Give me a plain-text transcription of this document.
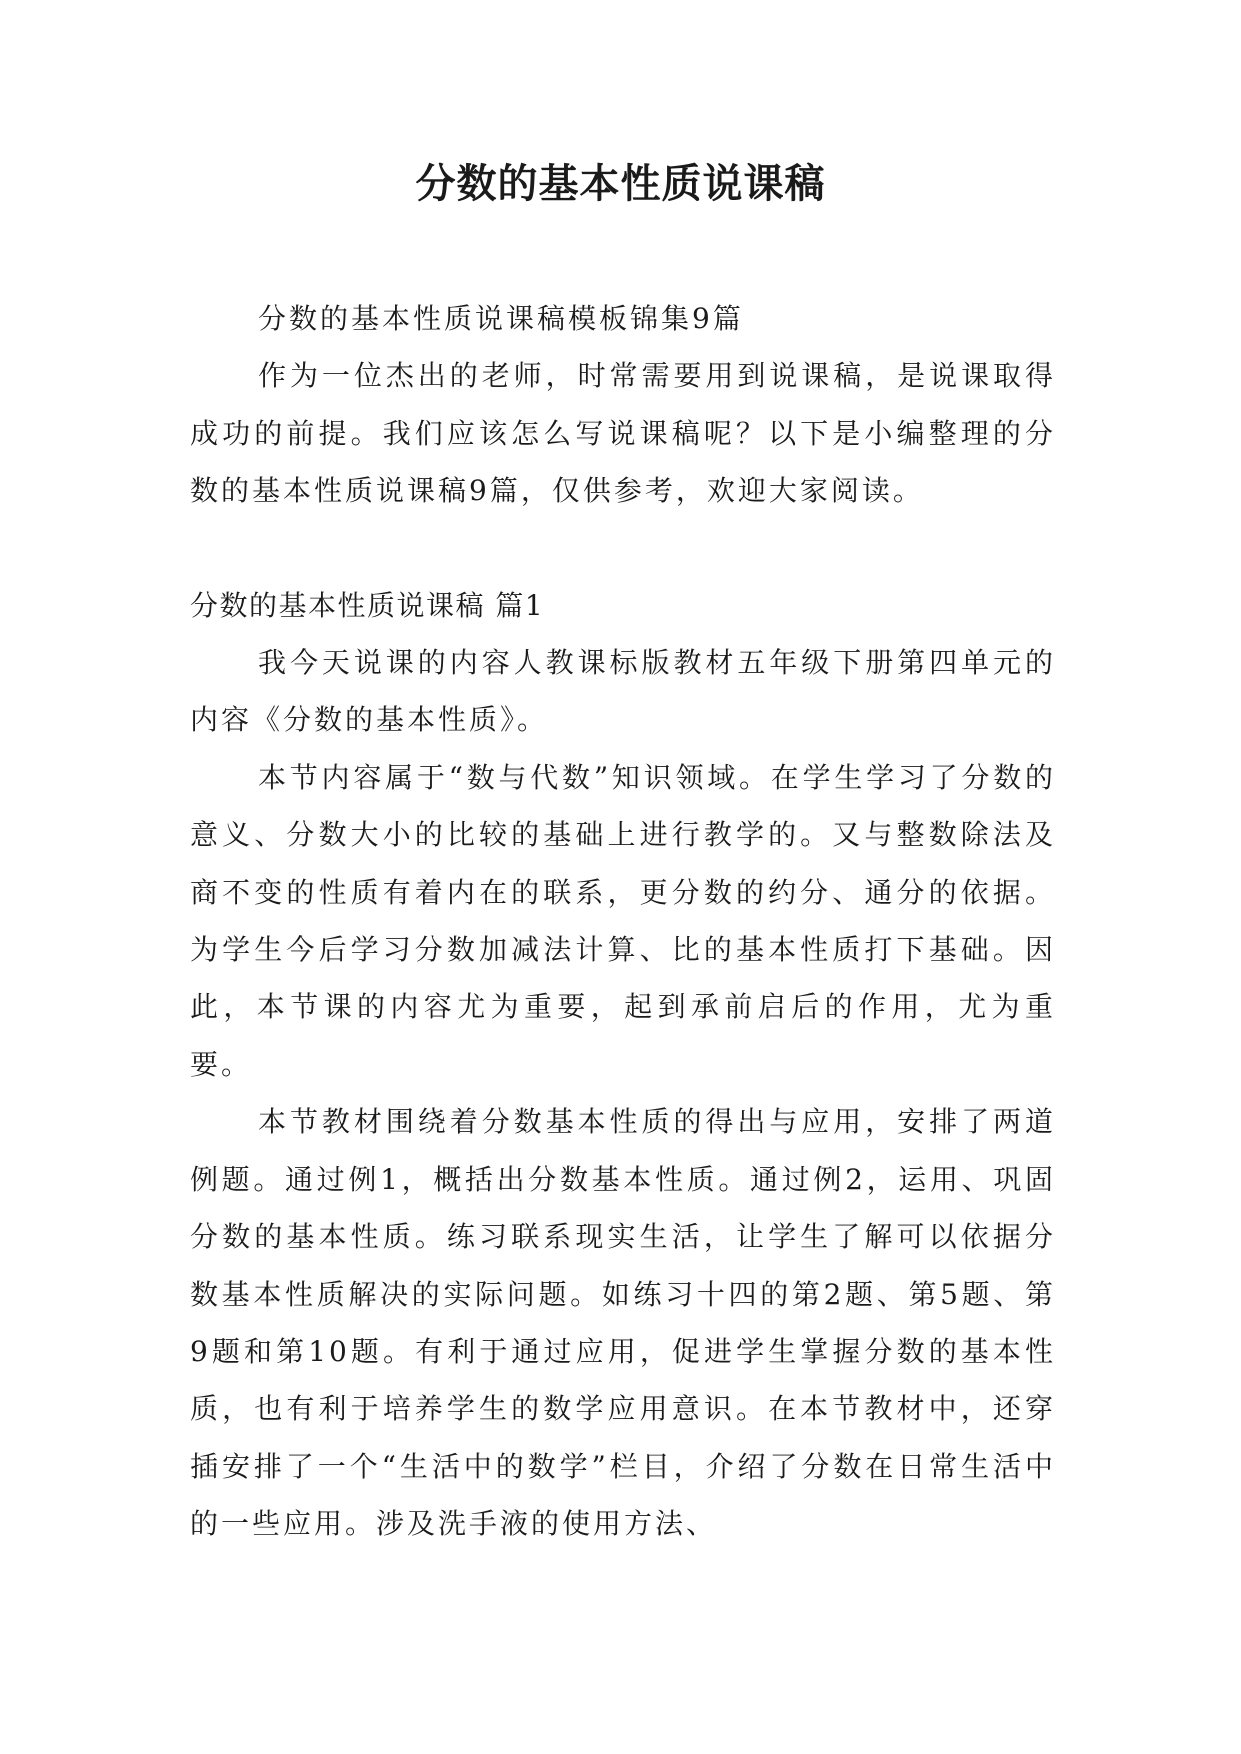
分数的基本性质说课稿

分数的基本性质说课稿模板锦集9篇

作为一位杰出的老师，时常需要用到说课稿，是说课取得成功的前提。我们应该怎么写说课稿呢？以下是小编整理的分数的基本性质说课稿9篇，仅供参考，欢迎大家阅读。

分数的基本性质说课稿 篇1

我今天说课的内容人教课标版教材五年级下册第四单元的内容《分数的基本性质》。

本节内容属于“数与代数”知识领域。在学生学习了分数的意义、分数大小的比较的基础上进行教学的。又与整数除法及商不变的性质有着内在的联系，更分数的约分、通分的依据。为学生今后学习分数加减法计算、比的基本性质打下基础。因此，本节课的内容尤为重要，起到承前启后的作用，尤为重要。

本节教材围绕着分数基本性质的得出与应用，安排了两道例题。通过例1，概括出分数基本性质。通过例2，运用、巩固分数的基本性质。练习联系现实生活，让学生了解可以依据分数基本性质解决的实际问题。如练习十四的第2题、第5题、第9题和第10题。有利于通过应用，促进学生掌握分数的基本性质，也有利于培养学生的数学应用意识。在本节教材中，还穿插安排了一个“生活中的数学”栏目，介绍了分数在日常生活中的一些应用。涉及洗手液的使用方法、
